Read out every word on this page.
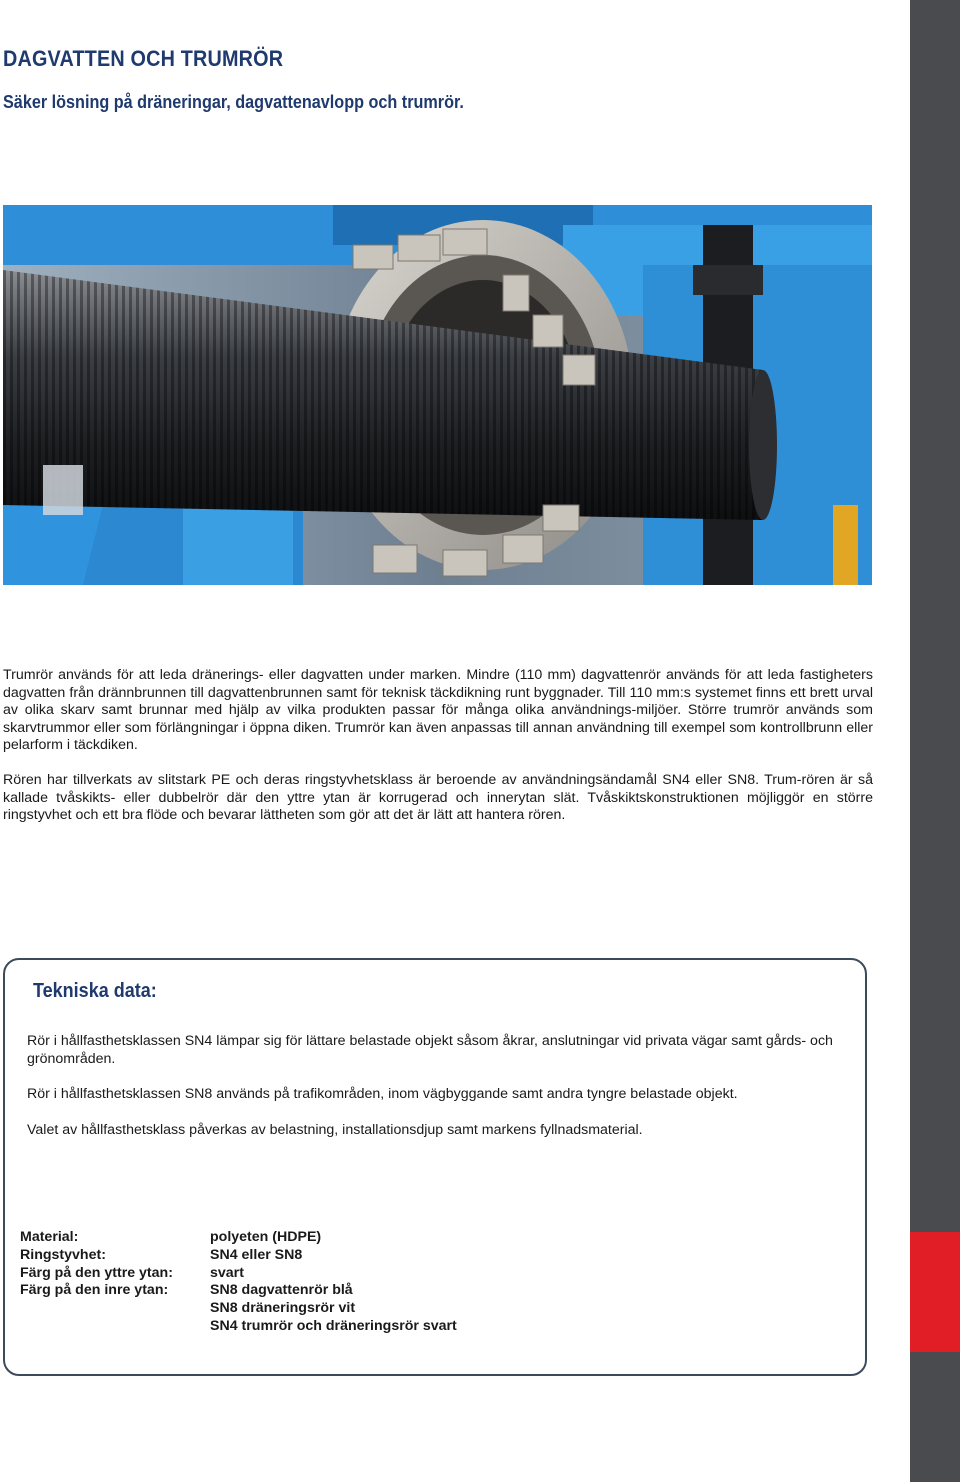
DAGVATTEN OCH TRUMRÖR
Säker lösning på dräneringar, dagvattenavlopp och trumrör.

Trumrör används för att leda dränerings- eller dagvatten under marken. Mindre (110 mm) dagvattenrör används för att leda fastigheters dagvatten från drännbrunnen till dagvattenbrunnen samt för teknisk täckdikning runt byggnader. Till 110 mm:s systemet finns ett brett urval av olika skarv samt brunnar med hjälp av vilka produkten passar för många olika användnings-miljöer. Större trumrör används som skarvtrummor eller som förlängningar i öppna diken. Trumrör kan även anpassas till annan användning till exempel som kontrollbrunn eller pelarform i täckdiken.

Rören har tillverkats av slitstark PE och deras ringstyvhetsklass är beroende av användningsändamål SN4 eller SN8. Trum-rören är så kallade tvåskikts- eller dubbelrör där den yttre ytan är korrugerad och innerytan slät. Tvåskiktskonstruktionen möjliggör en större ringstyvhet och ett bra flöde och bevarar lättheten som gör att det är lätt att hantera rören.

Tekniska data:

Rör i hållfasthetsklassen SN4 lämpar sig för lättare belastade objekt såsom åkrar, anslutningar vid privata vägar samt gårds- och grönområden.

Rör i hållfasthetsklassen SN8 används på trafikområden, inom vägbyggande samt andra tyngre belastade objekt.

Valet av hållfasthetsklass påverkas av belastning, installationsdjup samt markens fyllnadsmaterial.

Material:	polyeten (HDPE)
Ringstyvhet:	SN4 eller SN8
Färg på den yttre ytan:	svart
Färg på den inre ytan:	SN8 dagvattenrör blå
	SN8 dräneringsrör vit
	SN4 trumrör och dräneringsrör svart
